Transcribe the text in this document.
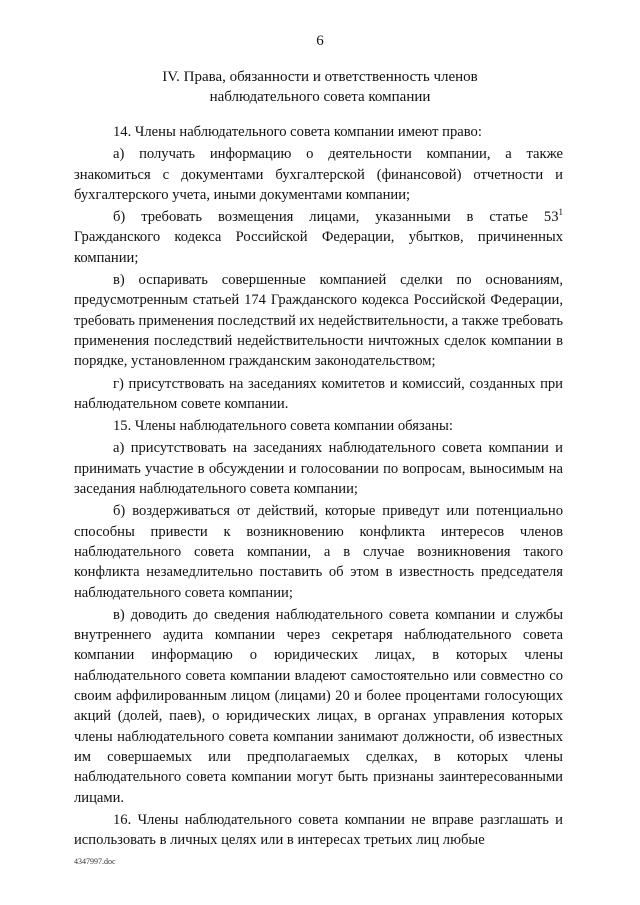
6
IV. Права, обязанности и ответственность членов
наблюдательного совета компании

14. Члены наблюдательного совета компании имеют право:

а) получать информацию о деятельности компании, а также знакомиться с документами бухгалтерской (финансовой) отчетности и бухгалтерского учета, иными документами компании;

б) требовать возмещения лицами, указанными в статье $53^1$ Гражданского кодекса Российской Федерации, убытков, причиненных компании;

в) оспаривать совершенные компанией сделки по основаниям, предусмотренным статьей 174 Гражданского кодекса Российской Федерации, требовать применения последствий их недействительности, а также требовать применения последствий недействительности ничтожных сделок компании в порядке, установленном гражданским законодательством;

г) присутствовать на заседаниях комитетов и комиссий, созданных при наблюдательном совете компании.

15. Члены наблюдательного совета компании обязаны:

а) присутствовать на заседаниях наблюдательного совета компании и принимать участие в обсуждении и голосовании по вопросам, выносимым на заседания наблюдательного совета компании;

б) воздерживаться от действий, которые приведут или потенциально способны привести к возникновению конфликта интересов членов наблюдательного совета компании, а в случае возникновения такого конфликта незамедлительно поставить об этом в известность председателя наблюдательного совета компании;

в) доводить до сведения наблюдательного совета компании и службы внутреннего аудита компании через секретаря наблюдательного совета компании информацию о юридических лицах, в которых члены наблюдательного совета компании владеют самостоятельно или совместно со своим аффилированным лицом (лицами) 20 и более процентами голосующих акций (долей, паев), о юридических лицах, в органах управления которых члены наблюдательного совета компании занимают должности, об известных им совершаемых или предполагаемых сделках, в которых члены наблюдательного совета компании могут быть признаны заинтересованными лицами.

16. Члены наблюдательного совета компании не вправе разглашать и использовать в личных целях или в интересах третьих лиц любые

4347997.doc
